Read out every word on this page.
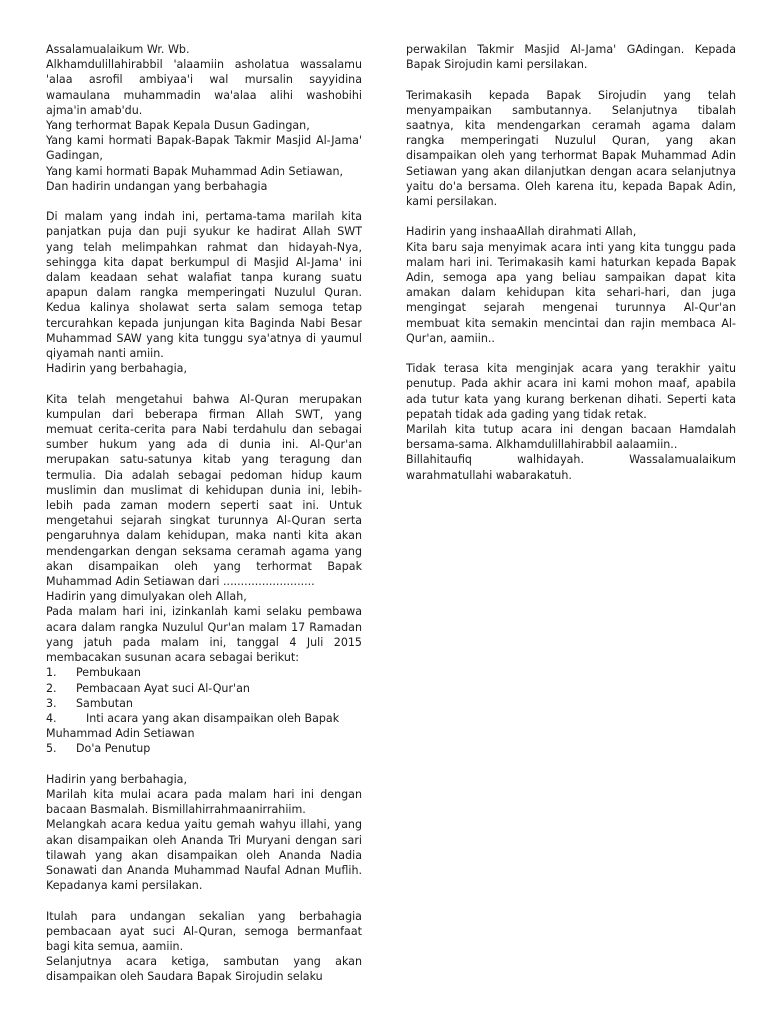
Assalamualaikum Wr. Wb.
Alkhamdulillahirabbil 'alaamiin asholatua wassalamu 'alaa asrofil ambiyaa'i wal mursalin sayyidina wamaulana muhammadin wa'alaa alihi washobihi ajma'in amab'du.
Yang terhormat Bapak Kepala Dusun Gadingan,
Yang kami hormati Bapak-Bapak Takmir Masjid Al-Jama' Gadingan,
Yang kami hormati Bapak Muhammad Adin Setiawan,
Dan hadirin undangan yang berbahagia
Di malam yang indah ini, pertama-tama marilah kita panjatkan puja dan puji syukur ke hadirat Allah SWT yang telah melimpahkan rahmat dan hidayah-Nya, sehingga kita dapat berkumpul di Masjid Al-Jama' ini dalam keadaan sehat walafiat tanpa kurang suatu apapun dalam rangka memperingati Nuzulul Quran. Kedua kalinya sholawat serta salam semoga tetap tercurahkan kepada junjungan kita Baginda Nabi Besar Muhammad SAW yang kita tunggu sya'atnya di yaumul qiyamah nanti amiin.
Hadirin yang berbahagia,
Kita telah mengetahui bahwa Al-Quran merupakan kumpulan dari beberapa firman Allah SWT, yang memuat cerita-cerita para Nabi terdahulu dan sebagai sumber hukum yang ada di dunia ini. Al-Qur'an merupakan satu-satunya kitab yang teragung dan termulia. Dia adalah sebagai pedoman hidup kaum muslimin dan muslimat di kehidupan dunia ini, lebih-lebih pada zaman modern seperti saat ini. Untuk mengetahui sejarah singkat turunnya Al-Quran serta pengaruhnya dalam kehidupan, maka nanti kita akan mendengarkan dengan seksama ceramah agama yang akan disampaikan oleh yang terhormat Bapak Muhammad Adin Setiawan dari ..........................
Hadirin yang dimulyakan oleh Allah,
Pada malam hari ini, izinkanlah kami selaku pembawa acara dalam rangka Nuzulul Qur'an malam 17 Ramadan yang jatuh pada malam ini, tanggal 4 Juli 2015 membacakan susunan acara sebagai berikut:
1.	Pembukaan
2.	Pembacaan Ayat suci Al-Qur'an
3.	Sambutan
4.	Inti acara yang akan disampaikan oleh Bapak
Muhammad Adin Setiawan
5.	Do'a Penutup
Hadirin yang berbahagia,
Marilah kita mulai acara pada malam hari ini dengan bacaan Basmalah. Bismillahirrahmaanirrahiim.
Melangkah acara kedua yaitu gemah wahyu illahi, yang akan disampaikan oleh Ananda Tri Muryani dengan sari tilawah yang akan disampaikan oleh Ananda Nadia Sonawati dan Ananda Muhammad Naufal Adnan Muflih. Kepadanya kami persilakan.
Itulah para undangan sekalian yang berbahagia pembacaan ayat suci Al-Quran, semoga bermanfaat bagi kita semua, aamiin.
Selanjutnya acara ketiga, sambutan yang akan disampaikan oleh Saudara Bapak Sirojudin selaku
perwakilan Takmir Masjid Al-Jama' GAdingan. Kepada Bapak Sirojudin kami persilakan.
Terimakasih kepada Bapak Sirojudin yang telah menyampaikan sambutannya. Selanjutnya tibalah saatnya, kita mendengarkan ceramah agama dalam rangka memperingati Nuzulul Quran, yang akan disampaikan oleh yang terhormat Bapak Muhammad Adin Setiawan yang akan dilanjutkan dengan acara selanjutnya yaitu do'a bersama. Oleh karena itu, kepada Bapak Adin, kami persilakan.
Hadirin yang inshaaAllah dirahmati Allah,
Kita baru saja menyimak acara inti yang kita tunggu pada malam hari ini. Terimakasih kami haturkan kepada Bapak Adin, semoga apa yang beliau sampaikan dapat kita amakan dalam kehidupan kita sehari-hari, dan juga mengingat sejarah mengenai turunnya Al-Qur'an membuat kita semakin mencintai dan rajin membaca Al-Qur'an, aamiin..
Tidak terasa kita menginjak acara yang terakhir yaitu penutup. Pada akhir acara ini kami mohon maaf, apabila ada tutur kata yang kurang berkenan dihati. Seperti kata pepatah tidak ada gading yang tidak retak.
Marilah kita tutup acara ini dengan bacaan Hamdalah bersama-sama. Alkhamdulillahirabbil aalaamiin..
Billahitaufiq walhidayah. Wassalamualaikum warahmatullahi wabarakatuh.
